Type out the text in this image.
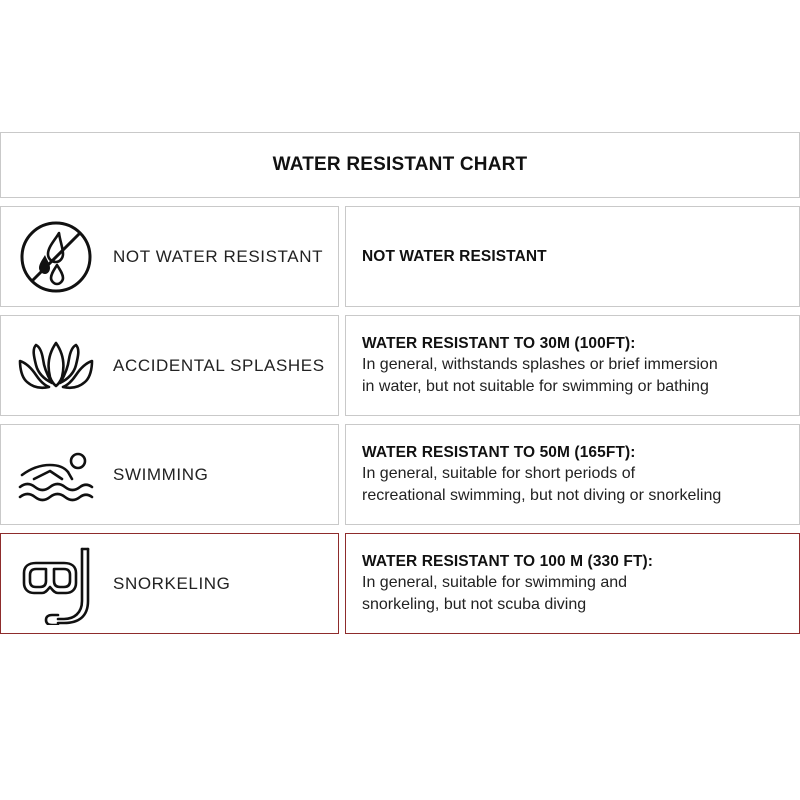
WATER RESISTANT CHART
NOT WATER RESISTANT	NOT WATER RESISTANT
ACCIDENTAL SPLASHES
WATER RESISTANT TO 30M (100FT):
In general, withstands splashes or brief immersion
in water, but not suitable for swimming or bathing
SWIMMING
WATER RESISTANT TO 50M (165FT):
In general, suitable for short periods of
recreational swimming, but not diving or snorkeling
SNORKELING
WATER RESISTANT TO 100 M (330 FT):
In general, suitable for swimming and
snorkeling, but not scuba diving
